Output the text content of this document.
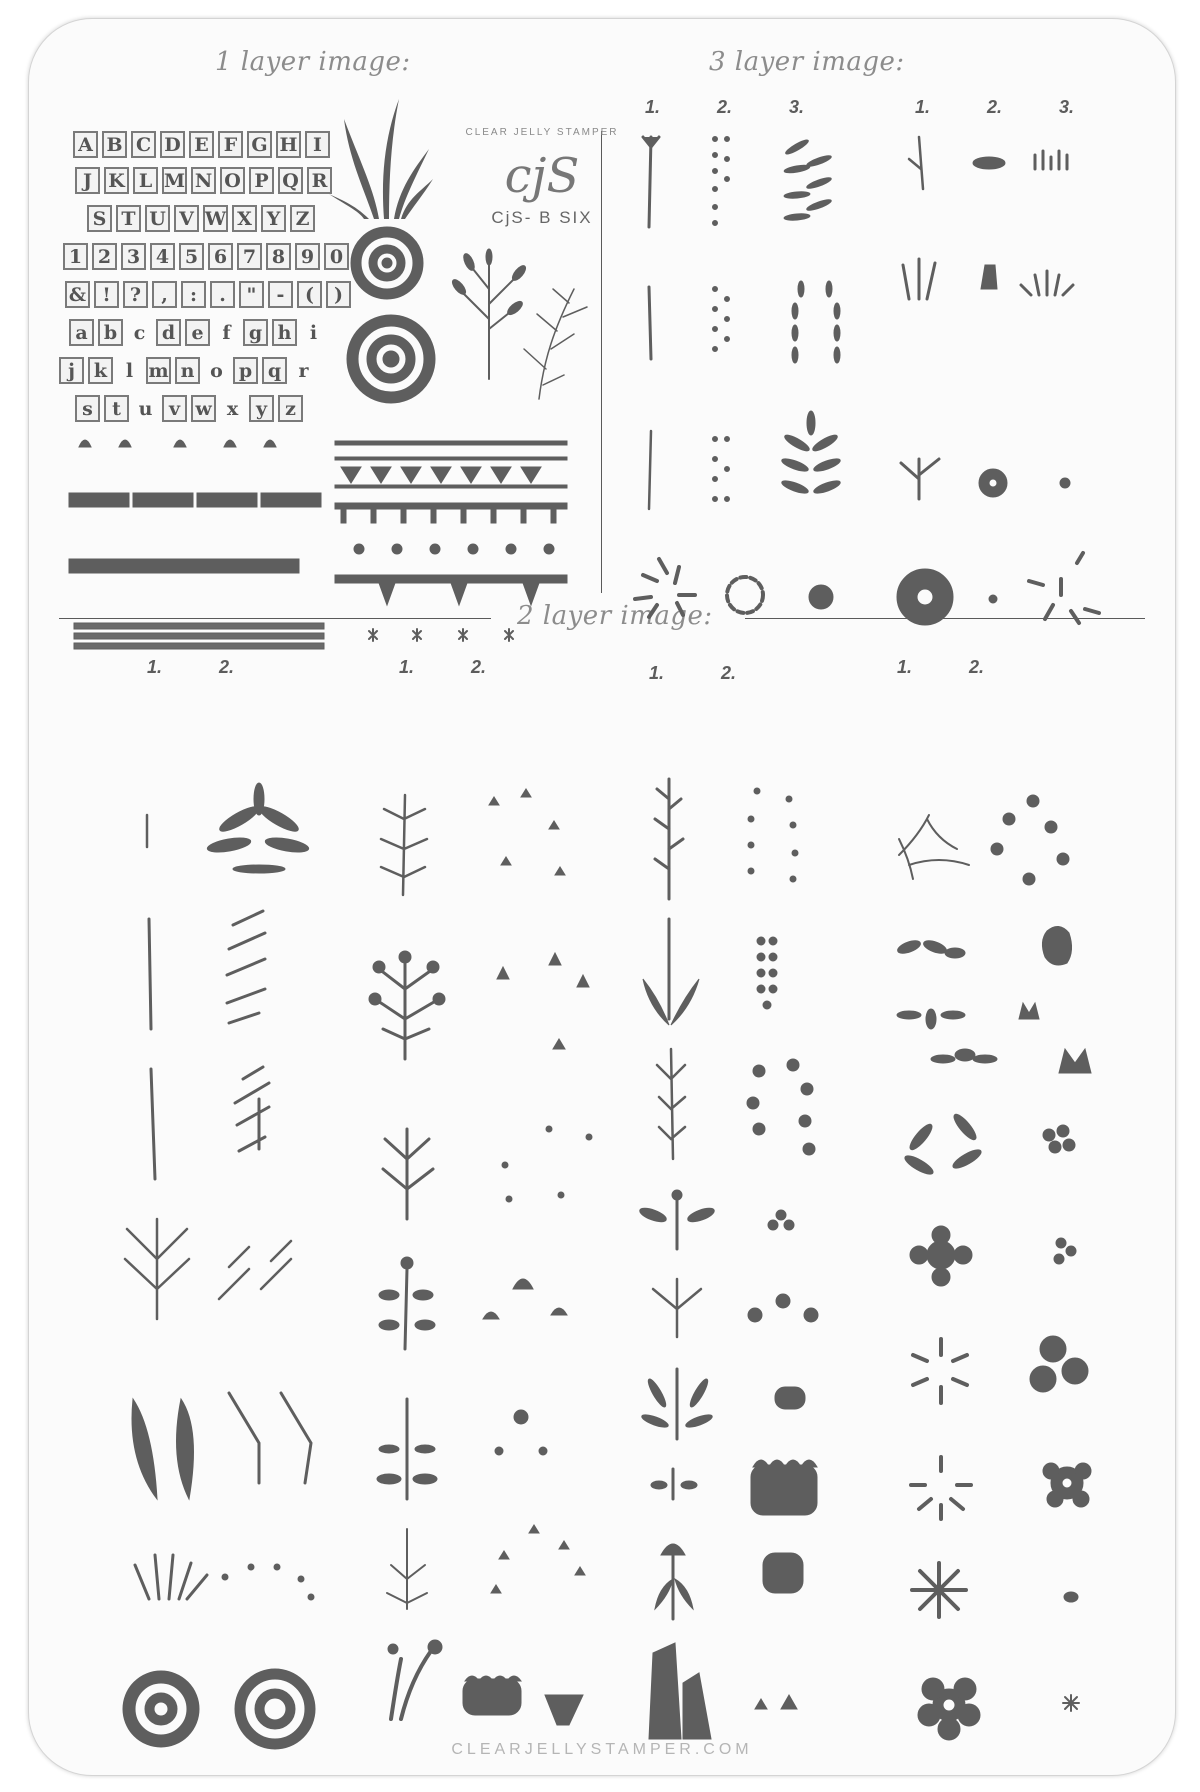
1 layer image:	3 layer image:
2 layer image:
1.	2.	3.	1.	2.	3.
1.	2.	1.	2.	1.	2.	1.	2.
A B C D E F G H I
J K L M N O P Q R
S T U V W X Y Z
1 2 3 4 5 6 7 8 9 0
& !	?	,	:	.	"	-	(	)
a b c d e f g h i
j k l m n o p q r
s	t u v w x y z
CLEAR JELLY STAMPER
cjS
CjS- B SIX
CLEARJELLYSTAMPER.COM
